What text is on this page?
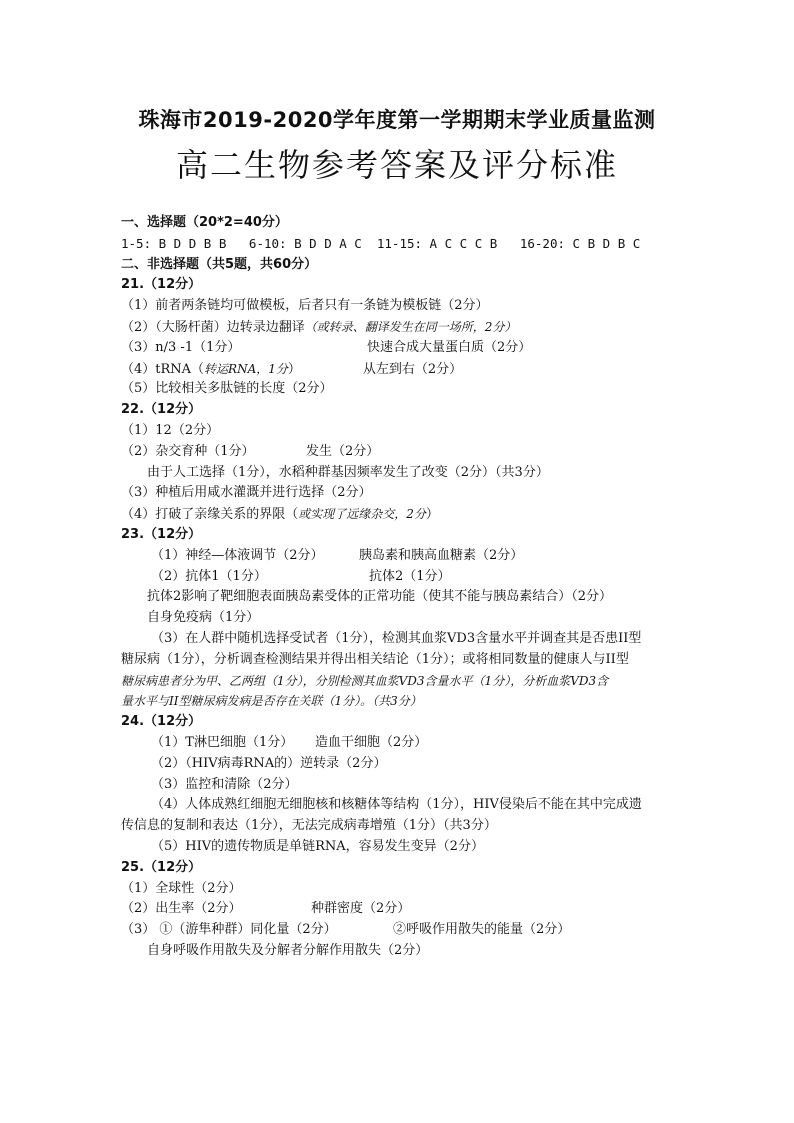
珠海市2019-2020学年度第一学期期末学业质量监测
高二生物参考答案及评分标准
一、选择题（20*2=40分）
1-5: B D D B B   6-10: B D D A C  11-15: A C C C B   16-20: C B D B C
二、非选择题（共5题，共60分）
21.（12分）
（1）前者两条链均可做模板，后者只有一条链为模板链（2分）
（2）（大肠杆菌）边转录边翻译（或转录、翻译发生在同一场所，2分）
（3）n/3 -1（1分）	快速合成大量蛋白质（2分）
（4）tRNA（转运RNA，1分）	从左到右（2分）
（5）比较相关多肽链的长度（2分）
22.（12分）
（1）12（2分）
（2）杂交育种（1分）	发生（2分）
由于人工选择（1分），水稻种群基因频率发生了改变（2分）（共3分）
（3）种植后用咸水灌溉并进行选择（2分）
（4）打破了亲缘关系的界限（或实现了远缘杂交，2分）
23.（12分）
（1）神经—体液调节（2分）	胰岛素和胰高血糖素（2分）
（2）抗体1（1分）	抗体2（1分）
抗体2影响了靶细胞表面胰岛素受体的正常功能（使其不能与胰岛素结合）（2分）
自身免疫病（1分）
（3）在人群中随机选择受试者（1分），检测其血浆VD3含量水平并调查其是否患II型
糖尿病（1分），分析调查检测结果并得出相关结论（1分）；或将相同数量的健康人与II型
糖尿病患者分为甲、乙两组（1分），分别检测其血浆VD3含量水平（1分），分析血浆VD3含
量水平与II型糖尿病发病是否存在关联（1分）。（共3分）
24.（12分）
（1）T淋巴细胞（1分） 造血干细胞（2分）
（2）（HIV病毒RNA的）逆转录（2分）
（3）监控和清除（2分）
（4）人体成熟红细胞无细胞核和核糖体等结构（1分），HIV侵染后不能在其中完成遗
传信息的复制和表达（1分），无法完成病毒增殖（1分）（共3分）
（5）HIV的遗传物质是单链RNA，容易发生变异（2分）
25.（12分）
（1）全球性（2分）
（2）出生率（2分）	种群密度（2分）
（3） ①（游隼种群）同化量（2分）	②呼吸作用散失的能量（2分）
自身呼吸作用散失及分解者分解作用散失（2分）
